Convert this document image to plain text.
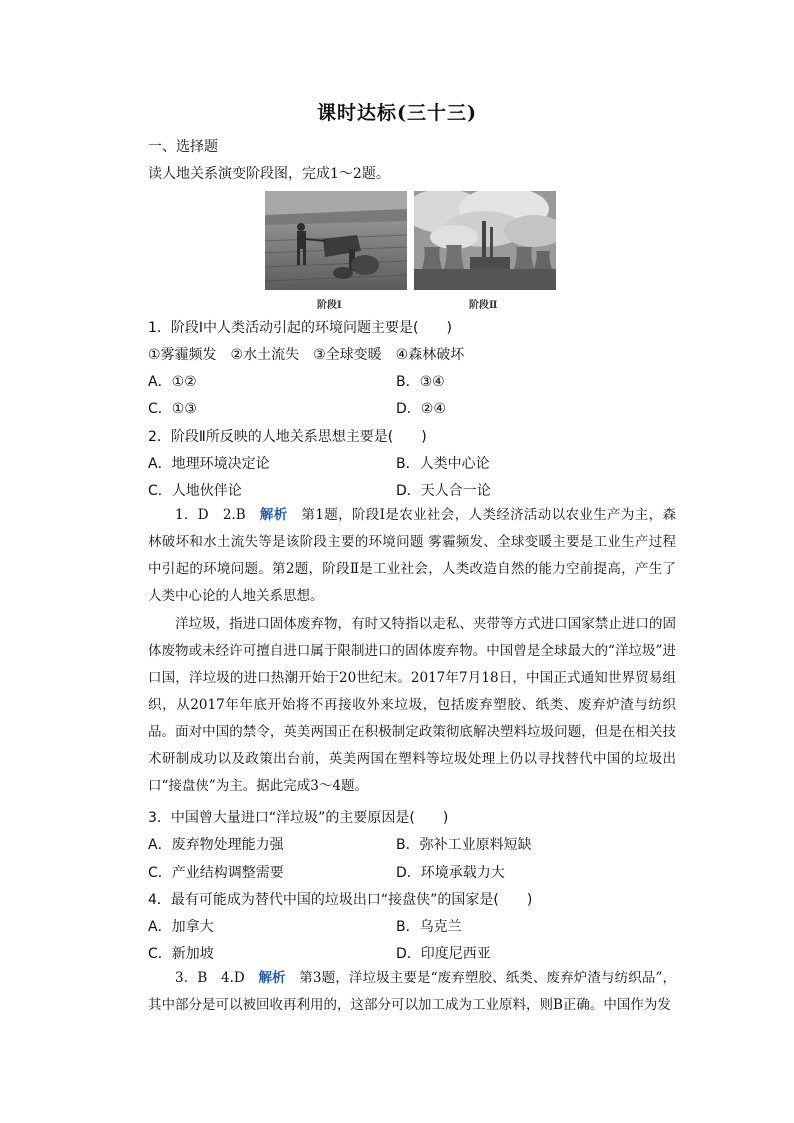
课时达标(三十三)
一、选择题
读人地关系演变阶段图，完成1～2题。
阶段Ⅰ	阶段Ⅱ
1．阶段Ⅰ中人类活动引起的环境问题主要是(　　)
①雾霾频发　②水土流失　③全球变暖　④森林破坏
A．①②	B．③④
C．①③	D．②④
2．阶段Ⅱ所反映的人地关系思想主要是(　　)
A．地理环境决定论	B．人类中心论
C．人地伙伴论	D．天人合一论
1．D　2.B　解析　第1题，阶段Ⅰ是农业社会，人类经济活动以农业生产为主，森林破坏和水土流失等是该阶段主要的环境问题 雾霾频发、全球变暖主要是工业生产过程中引起的环境问题。第2题，阶段Ⅱ是工业社会，人类改造自然的能力空前提高，产生了人类中心论的人地关系思想。
洋垃圾，指进口固体废弃物，有时又特指以走私、夹带等方式进口国家禁止进口的固体废物或未经许可擅自进口属于限制进口的固体废弃物。中国曾是全球最大的“洋垃圾”进口国，洋垃圾的进口热潮开始于20世纪末。2017年7月18日，中国正式通知世界贸易组织，从2017年年底开始将不再接收外来垃圾，包括废弃塑胶、纸类、废弃炉渣与纺织品。面对中国的禁令，英美两国正在积极制定政策彻底解决塑料垃圾问题，但是在相关技术研制成功以及政策出台前，英美两国在塑料等垃圾处理上仍以寻找替代中国的垃圾出口“接盘侠”为主。据此完成3～4题。
3．中国曾大量进口“洋垃圾”的主要原因是(　　)
A．废弃物处理能力强	B．弥补工业原料短缺
C．产业结构调整需要	D．环境承载力大
4．最有可能成为替代中国的垃圾出口“接盘侠”的国家是(　　)
A．加拿大	B．乌克兰
C．新加坡	D．印度尼西亚
3．B　4.D　解析　第3题，洋垃圾主要是“废弃塑胶、纸类、废弃炉渣与纺织品”，其中部分是可以被回收再利用的，这部分可以加工成为工业原料，则B正确。中国作为发
